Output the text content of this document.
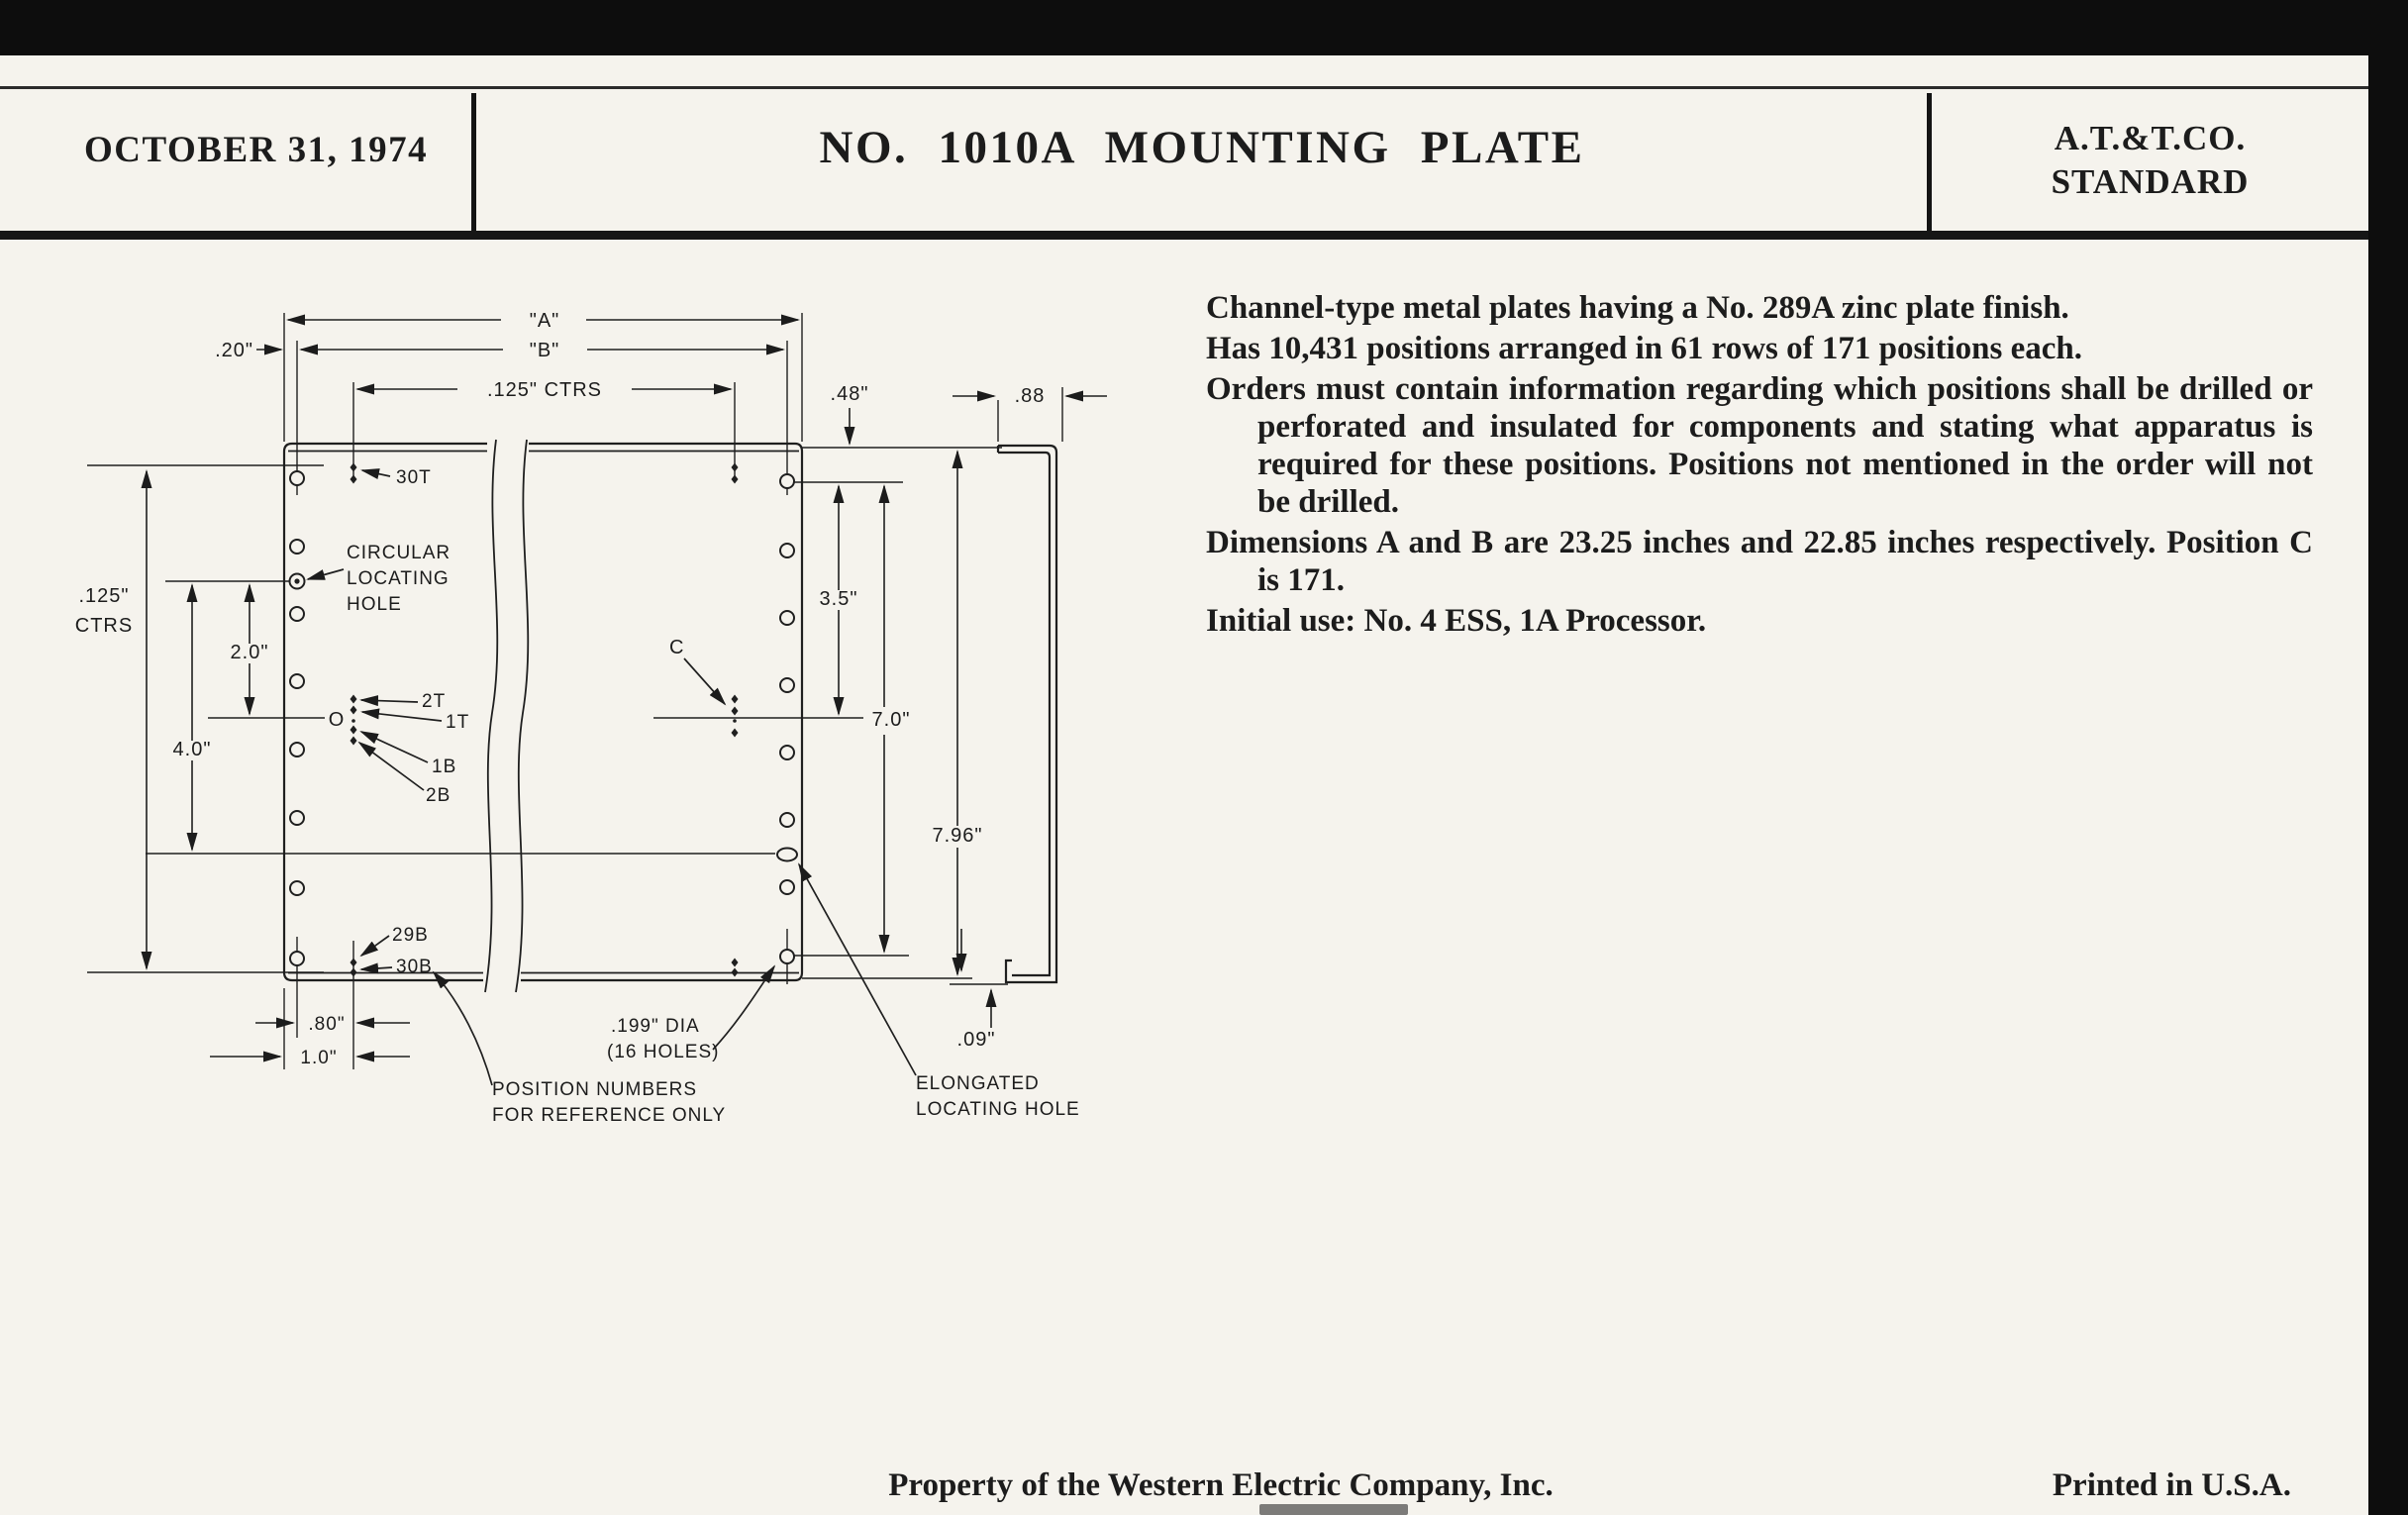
OCTOBER 31, 1974	NO. 1010A MOUNTING PLATE	A.T.&T.CO.
STANDARD

Channel-type metal plates having a No. 289A zinc plate finish.

Has 10,431 positions arranged in 61 rows of 171 positions each.

Orders must contain information regarding which positions shall be drilled or perforated and insulated for components and stating what apparatus is required for these positions. Positions not mentioned in the order will not be drilled.

Dimensions A and B are 23.25 inches and 22.85 inches respectively. Position C is 171.

Initial use: No. 4 ESS, 1A Processor.

"A"
"B"
.20"
.125" CTRS	.48"
30T
CIRCULAR
LOCATING
HOLE
2.0"
.125"
CTRS
4.0"
O
2T
1T
1B
2B
C
3.5"
7.0"
7.96"
.88
.09"
29B
30B
.199" DIA
(16 HOLES)
POSITION NUMBERS
FOR REFERENCE ONLY
ELONGATED
LOCATING HOLE
.80"
1.0"
Property of the Western Electric Company, Inc.	Printed in U.S.A.
